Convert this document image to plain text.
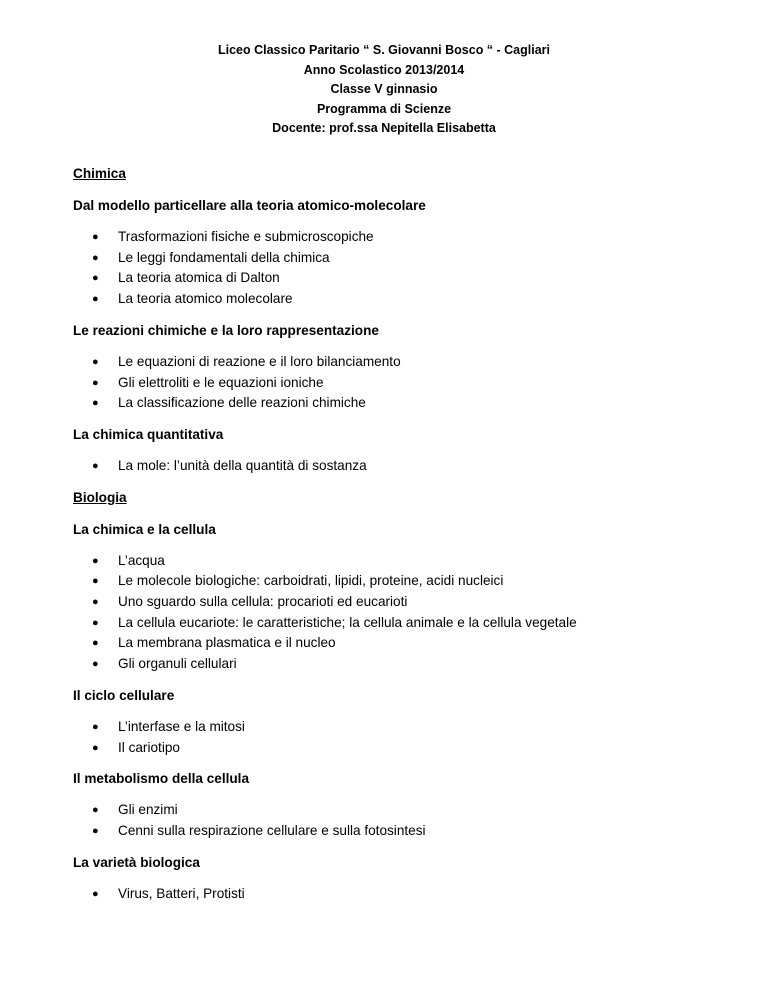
Liceo Classico Paritario “ S. Giovanni Bosco “ - Cagliari
Anno Scolastico 2013/2014
Classe V ginnasio
Programma di Scienze
Docente: prof.ssa Nepitella Elisabetta
Chimica
Dal modello particellare alla teoria atomico-molecolare
● Trasformazioni fisiche e submicroscopiche
● Le leggi fondamentali della chimica
● La teoria atomica di Dalton
● La teoria atomico molecolare
Le reazioni chimiche e la loro rappresentazione
● Le equazioni di reazione e il loro bilanciamento
● Gli elettroliti e le equazioni ioniche
● La classificazione delle reazioni chimiche
La chimica quantitativa
● La mole: l’unità della quantità di sostanza
Biologia
La chimica e la cellula
● L’acqua
● Le molecole biologiche: carboidrati, lipidi, proteine, acidi nucleici
● Uno sguardo sulla cellula: procarioti ed eucarioti
● La cellula eucariote: le caratteristiche; la cellula animale e la cellula vegetale
● La membrana plasmatica e il nucleo
● Gli organuli cellulari
Il ciclo cellulare
● L’interfase e la mitosi
● Il cariotipo
Il metabolismo della cellula
● Gli enzimi
● Cenni sulla respirazione cellulare e sulla fotosintesi
La varietà biologica
● Virus, Batteri, Protisti
